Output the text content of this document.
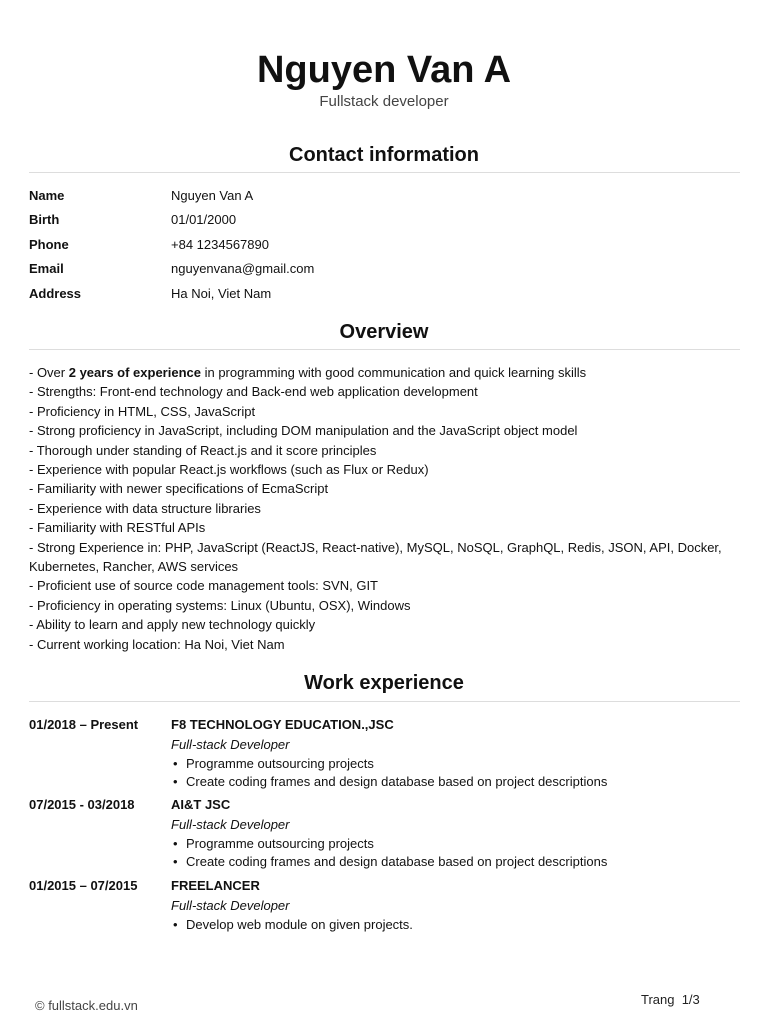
Nguyen Van A
Fullstack developer
Contact information
Name	Nguyen Van A
Birth	01/01/2000
Phone	+84 1234567890
Email	nguyenvana@gmail.com
Address	Ha Noi, Viet Nam
Overview
- Over 2 years of experience in programming with good communication and quick learning skills
- Strengths: Front-end technology and Back-end web application development
- Proficiency in HTML, CSS, JavaScript
- Strong proficiency in JavaScript, including DOM manipulation and the JavaScript object model
- Thorough under standing of React.js and it score principles
- Experience with popular React.js workflows (such as Flux or Redux)
- Familiarity with newer specifications of EcmaScript
- Experience with data structure libraries
- Familiarity with RESTful APIs
- Strong Experience in: PHP, JavaScript (ReactJS, React-native), MySQL, NoSQL, GraphQL, Redis, JSON, API, Docker,
Kubernetes, Rancher, AWS services
- Proficient use of source code management tools: SVN, GIT
- Proficiency in operating systems: Linux (Ubuntu, OSX), Windows
- Ability to learn and apply new technology quickly
- Current working location: Ha Noi, Viet Nam
Work experience
01/2018 – Present	F8 TECHNOLOGY EDUCATION.,JSC
Full-stack Developer
• Programme outsourcing projects
• Create coding frames and design database based on project descriptions
07/2015 - 03/2018	AI&T JSC
Full-stack Developer
• Programme outsourcing projects
• Create coding frames and design database based on project descriptions
01/2015 – 07/2015	FREELANCER
Full-stack Developer
• Develop web module on given projects.
© fullstack.edu.vn	Trang  1/3
